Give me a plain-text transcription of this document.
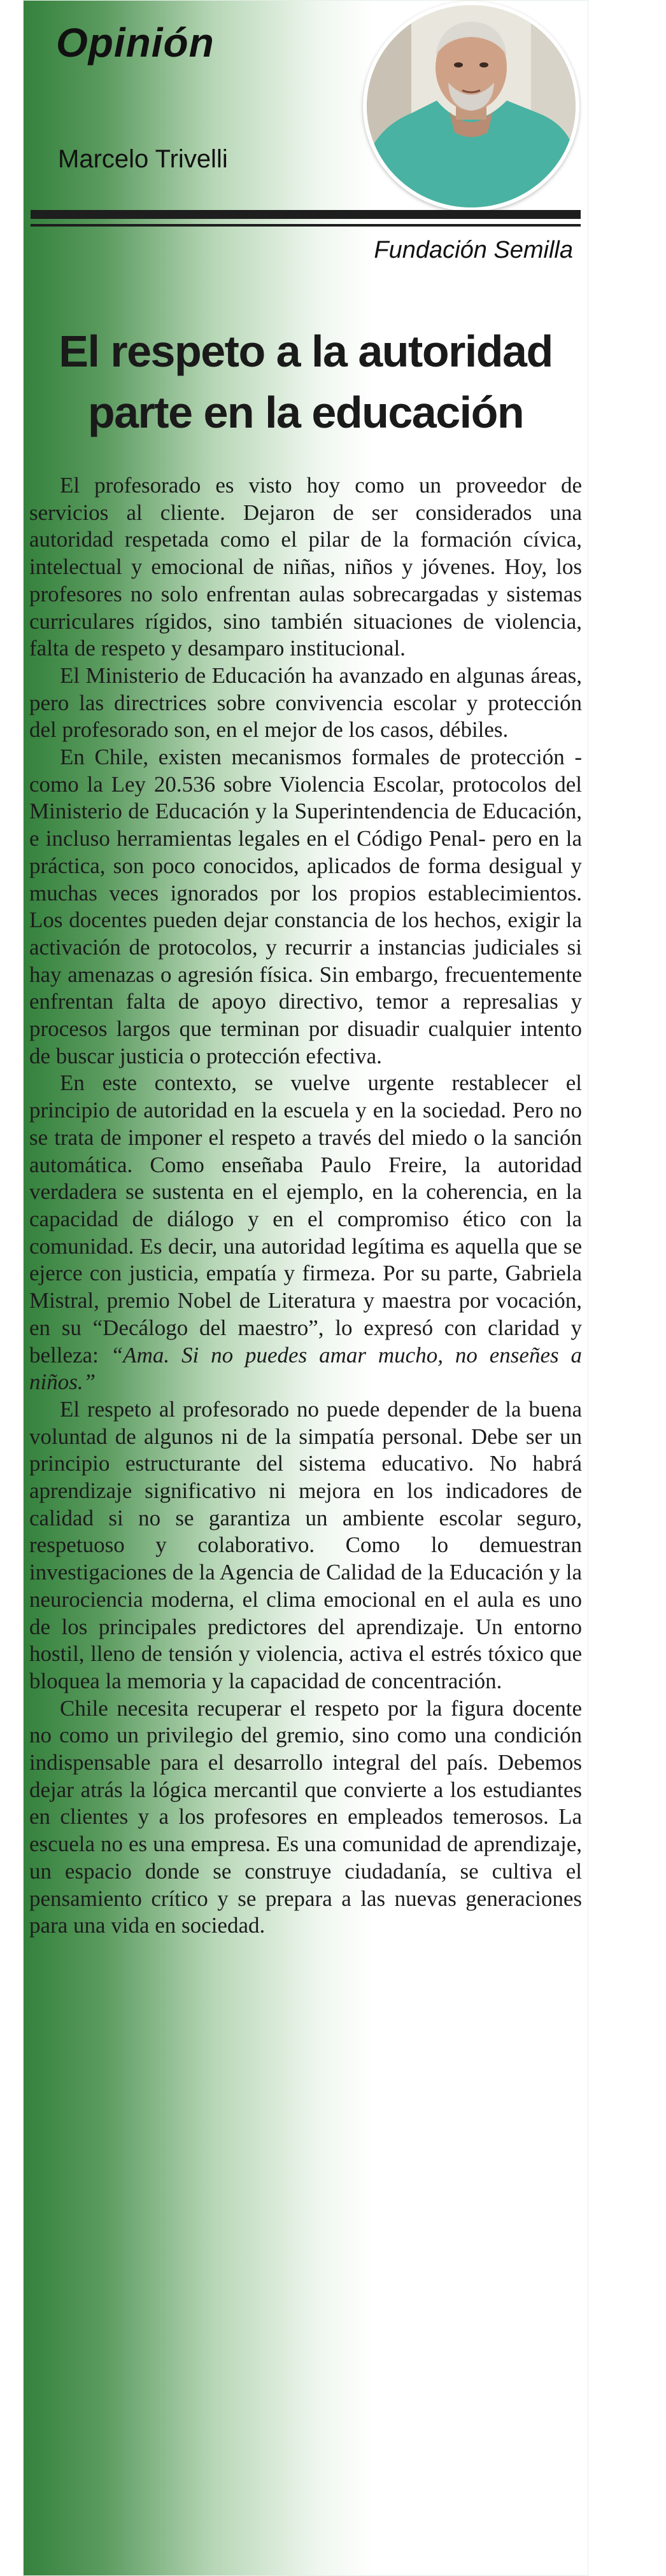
Opinión
Marcelo Trivelli
Fundación Semilla
El respeto a la autoridad
parte en la educación

El profesorado es visto hoy como un proveedor de servicios al cliente. Dejaron de ser considerados una autoridad respetada como el pilar de la formación cívica, intelectual y emocional de niñas, niños y jóvenes. Hoy, los profesores no solo enfrentan aulas sobrecargadas y sistemas curriculares rígidos, sino también situaciones de violencia, falta de respeto y desamparo institucional.

El Ministerio de Educación ha avanzado en algunas áreas, pero las directrices sobre convivencia escolar y protección del profesorado son, en el mejor de los casos, débiles.

En Chile, existen mecanismos formales de protección -como la Ley 20.536 sobre Violencia Escolar, protocolos del Ministerio de Educación y la Superintendencia de Educación, e incluso herramientas legales en el Código Penal- pero en la práctica, son poco conocidos, aplicados de forma desigual y muchas veces ignorados por los propios establecimientos. Los docentes pueden dejar constancia de los hechos, exigir la activación de protocolos, y recurrir a instancias judiciales si hay amenazas o agresión física. Sin embargo, frecuentemente enfrentan falta de apoyo directivo, temor a represalias y procesos largos que terminan por disuadir cualquier intento de buscar justicia o protección efectiva.

En este contexto, se vuelve urgente restablecer el principio de autoridad en la escuela y en la sociedad. Pero no se trata de imponer el respeto a través del miedo o la sanción automática. Como enseñaba Paulo Freire, la autoridad verdadera se sustenta en el ejemplo, en la coherencia, en la capacidad de diálogo y en el compromiso ético con la comunidad. Es decir, una autoridad legítima es aquella que se ejerce con justicia, empatía y firmeza. Por su parte, Gabriela Mistral, premio Nobel de Literatura y maestra por vocación, en su “Decálogo del maestro”, lo expresó con claridad y belleza: “Ama. Si no puedes amar mucho, no enseñes a niños.”

El respeto al profesorado no puede depender de la buena voluntad de algunos ni de la simpatía personal. Debe ser un principio estructurante del sistema educativo. No habrá aprendizaje significativo ni mejora en los indicadores de calidad si no se garantiza un ambiente escolar seguro, respetuoso y colaborativo. Como lo demuestran investigaciones de la Agencia de Calidad de la Educación y la neurociencia moderna, el clima emocional en el aula es uno de los principales predictores del aprendizaje. Un entorno hostil, lleno de tensión y violencia, activa el estrés tóxico que bloquea la memoria y la capacidad de concentración.

Chile necesita recuperar el respeto por la figura docente no como un privilegio del gremio, sino como una condición indispensable para el desarrollo integral del país. Debemos dejar atrás la lógica mercantil que convierte a los estudiantes en clientes y a los profesores en empleados temerosos. La escuela no es una empresa. Es una comunidad de aprendizaje, un espacio donde se construye ciudadanía, se cultiva el pensamiento crítico y se prepara a las nuevas generaciones para una vida en sociedad.
